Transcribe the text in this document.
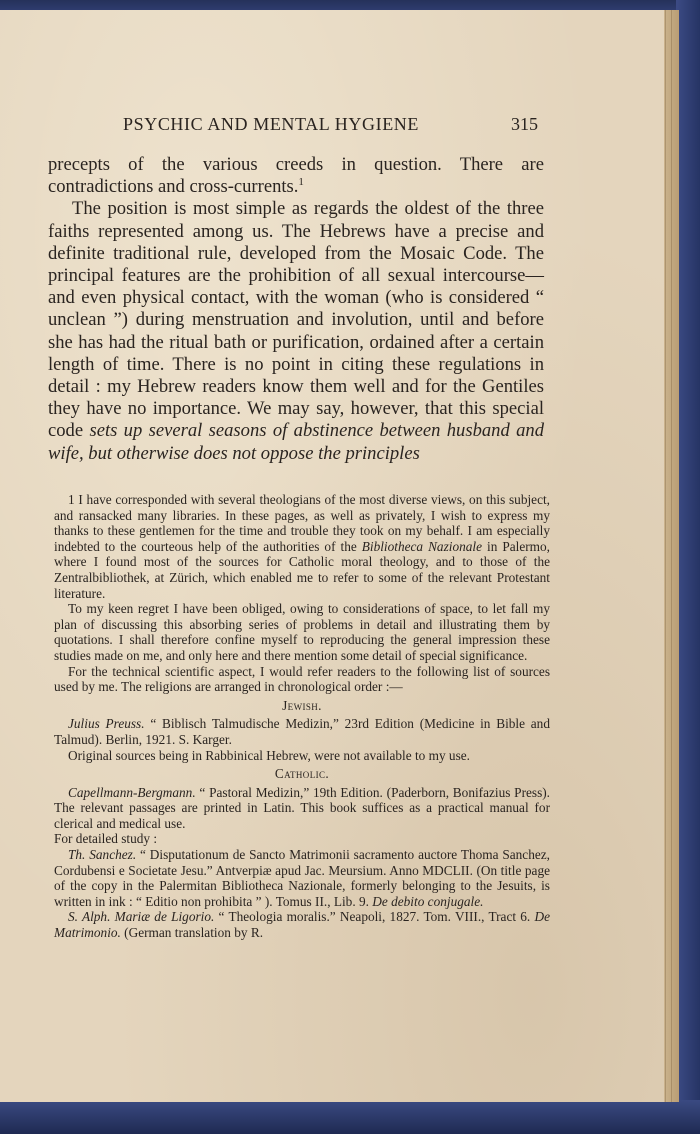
PSYCHIC AND MENTAL HYGIENE	315

precepts of the various creeds in question. There are contradictions and cross-currents.$^1$

The position is most simple as regards the oldest of the three faiths represented among us. The Hebrews have a precise and definite traditional rule, developed from the Mosaic Code. The principal features are the prohibition of all sexual intercourse—and even physical contact, with the woman (who is considered “ unclean ”) during menstruation and involution, until and before she has had the ritual bath or purification, ordained after a certain length of time. There is no point in citing these regulations in detail : my Hebrew readers know them well and for the Gentiles they have no importance. We may say, however, that this special code sets up several seasons of abstinence between husband and wife, but otherwise does not oppose the principles

1 I have corresponded with several theologians of the most diverse views, on this subject, and ransacked many libraries. In these pages, as well as privately, I wish to express my thanks to these gentlemen for the time and trouble they took on my behalf. I am especially indebted to the courteous help of the authorities of the Bibliotheca Nazionale in Palermo, where I found most of the sources for Catholic moral theology, and to those of the Zentralbibliothek, at Zürich, which enabled me to refer to some of the relevant Protestant literature.

To my keen regret I have been obliged, owing to considerations of space, to let fall my plan of discussing this absorbing series of problems in detail and illustrating them by quotations. I shall therefore confine myself to reproducing the general impression these studies made on me, and only here and there mention some detail of special significance.

For the technical scientific aspect, I would refer readers to the following list of sources used by me. The religions are arranged in chronological order :—

Jewish.

Julius Preuss. “ Biblisch Talmudische Medizin,” 23rd Edition (Medicine in Bible and Talmud). Berlin, 1921. S. Karger.

Original sources being in Rabbinical Hebrew, were not available to my use.

Catholic.

Capellmann-Bergmann. “ Pastoral Medizin,” 19th Edition. (Paderborn, Bonifazius Press). The relevant passages are printed in Latin. This book suffices as a practical manual for clerical and medical use.

For detailed study :

Th. Sanchez. “ Disputationum de Sancto Matrimonii sacramento auctore Thoma Sanchez, Cordubensi e Societate Jesu.” Antverpiæ apud Jac. Meursium. Anno MDCLII. (On title page of the copy in the Palermitan Bibliotheca Nazionale, formerly belonging to the Jesuits, is written in ink : “ Editio non prohibita ” ). Tomus II., Lib. 9. De debito conjugale.

S. Alph. Mariæ de Ligorio. “ Theologia moralis.” Neapoli, 1827. Tom. VIII., Tract 6. De Matrimonio. (German translation by R.
